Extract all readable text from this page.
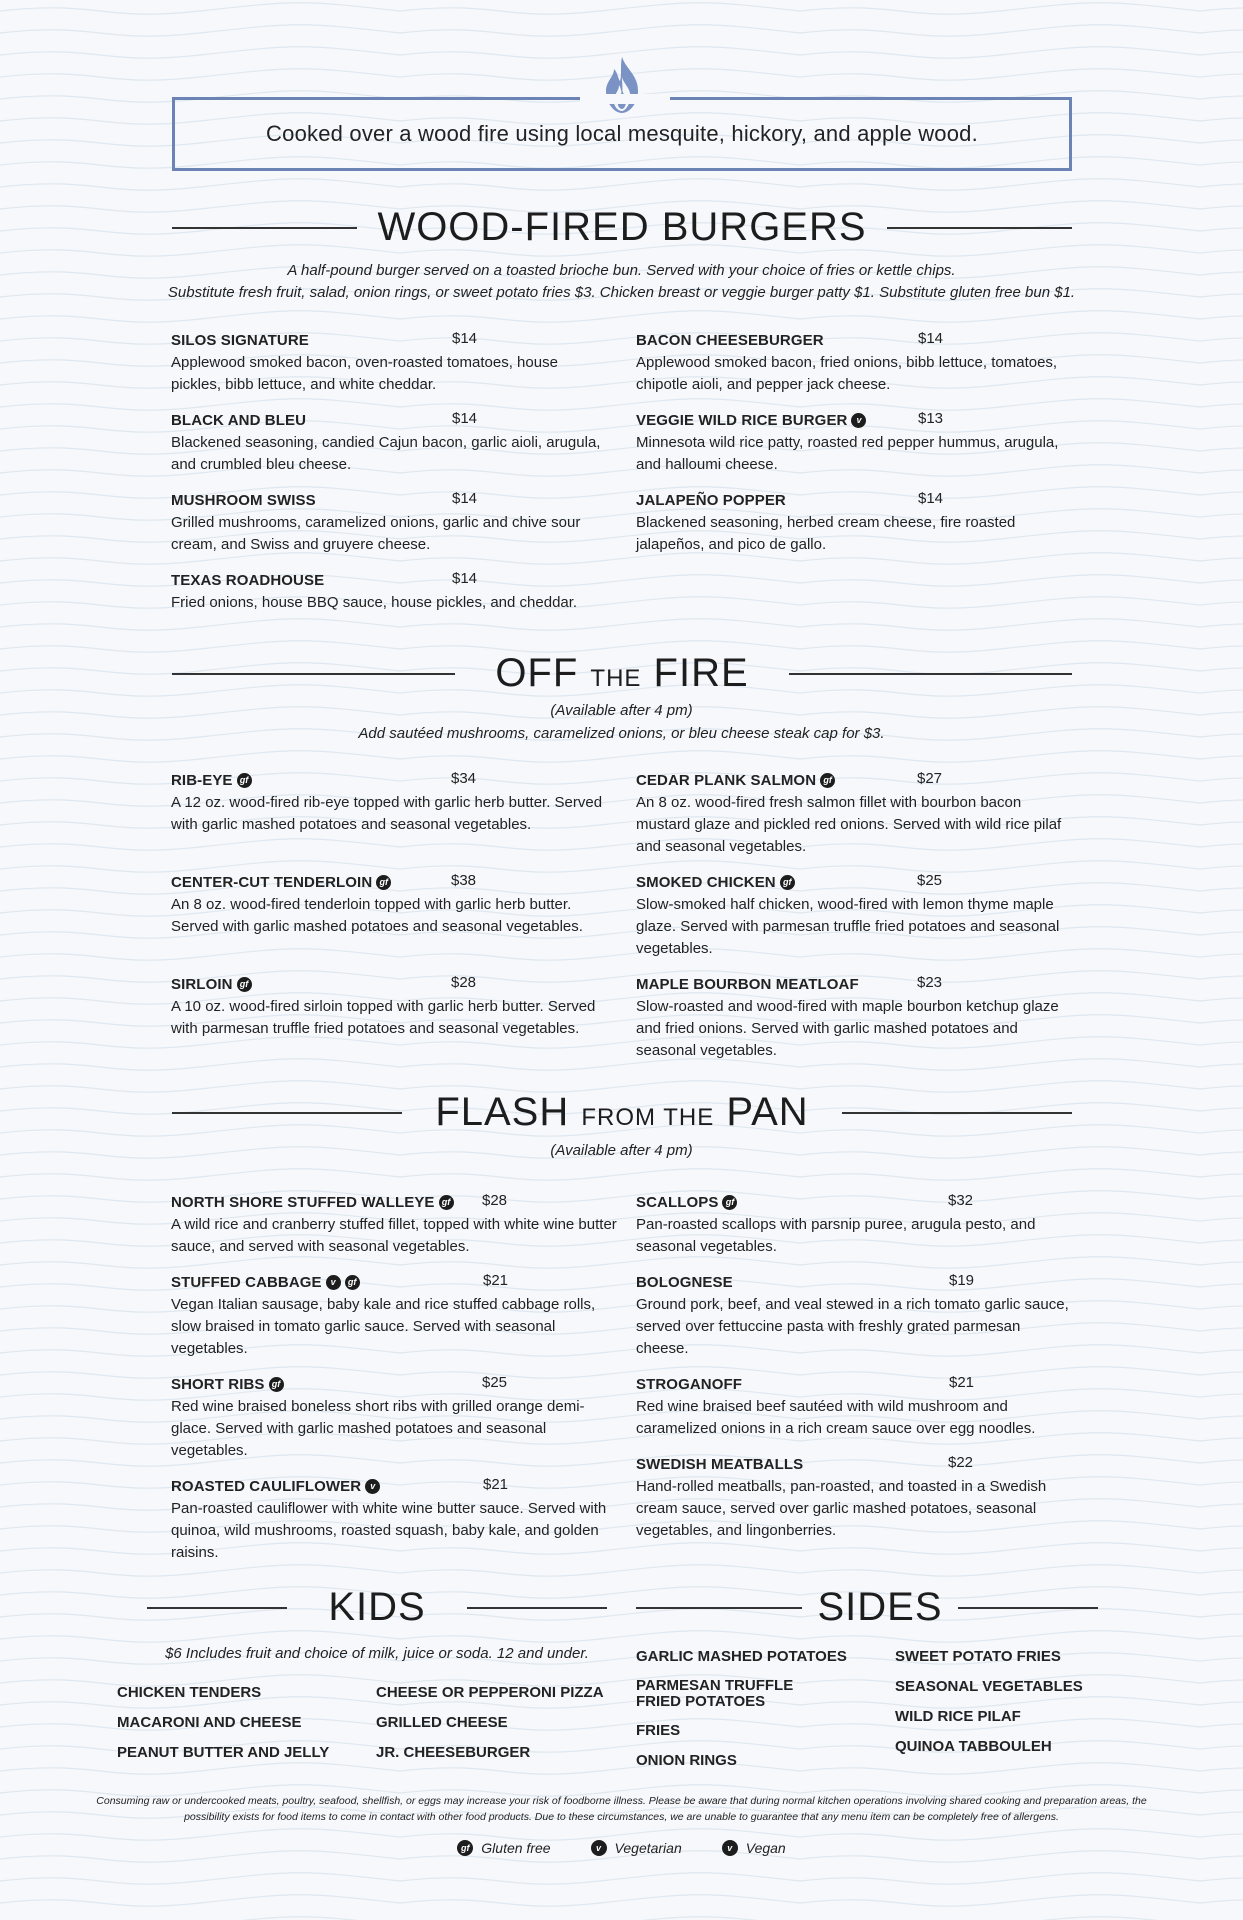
Cooked over a wood fire using local mesquite, hickory, and apple wood.
WOOD-FIRED BURGERS
A half-pound burger served on a toasted brioche bun. Served with your choice of fries or kettle chips.
Substitute fresh fruit, salad, onion rings, or sweet potato fries $3. Chicken breast or veggie burger patty $1. Substitute gluten free bun $1.
SILOS SIGNATURE	$14
Applewood smoked bacon, oven-roasted tomatoes, house pickles, bibb lettuce, and white cheddar.
BACON CHEESEBURGER	$14
Applewood smoked bacon, fried onions, bibb lettuce, tomatoes, chipotle aioli, and pepper jack cheese.
BLACK AND BLEU	$14
Blackened seasoning, candied Cajun bacon, garlic aioli, arugula, and crumbled bleu cheese.
VEGGIE WILD RICE BURGER v	$13
Minnesota wild rice patty, roasted red pepper hummus, arugula, and halloumi cheese.
MUSHROOM SWISS	$14
Grilled mushrooms, caramelized onions, garlic and chive sour cream, and Swiss and gruyere cheese.
JALAPEÑO POPPER	$14
Blackened seasoning, herbed cream cheese, fire roasted jalapeños, and pico de gallo.
TEXAS ROADHOUSE	$14
Fried onions, house BBQ sauce, house pickles, and cheddar.
OFF THE FIRE
(Available after 4 pm)
Add sautéed mushrooms, caramelized onions, or bleu cheese steak cap for $3.
RIB-EYE gf	$34
A 12 oz. wood-fired rib-eye topped with garlic herb butter. Served with garlic mashed potatoes and seasonal vegetables.
CEDAR PLANK SALMON gf	$27
An 8 oz. wood-fired fresh salmon fillet with bourbon bacon mustard glaze and pickled red onions. Served with wild rice pilaf and seasonal vegetables.
CENTER-CUT TENDERLOIN gf	$38
An 8 oz. wood-fired tenderloin topped with garlic herb butter. Served with garlic mashed potatoes and seasonal vegetables.
SMOKED CHICKEN gf	$25
Slow-smoked half chicken, wood-fired with lemon thyme maple glaze. Served with parmesan truffle fried potatoes and seasonal vegetables.
SIRLOIN gf	$28
A 10 oz. wood-fired sirloin topped with garlic herb butter. Served with parmesan truffle fried potatoes and seasonal vegetables.
MAPLE BOURBON MEATLOAF	$23
Slow-roasted and wood-fired with maple bourbon ketchup glaze and fried onions. Served with garlic mashed potatoes and seasonal vegetables.
FLASH FROM THE PAN
(Available after 4 pm)
NORTH SHORE STUFFED WALLEYE gf $28
A wild rice and cranberry stuffed fillet, topped with white wine butter sauce, and served with seasonal vegetables.
SCALLOPS gf	$32
Pan-roasted scallops with parsnip puree, arugula pesto, and seasonal vegetables.
STUFFED CABBAGE v	gf	$21
Vegan Italian sausage, baby kale and rice stuffed cabbage rolls, slow braised in tomato garlic sauce. Served with seasonal vegetables.
BOLOGNESE	$19
Ground pork, beef, and veal stewed in a rich tomato garlic sauce, served over fettuccine pasta with freshly grated parmesan cheese.
SHORT RIBS gf	$25
Red wine braised boneless short ribs with grilled orange demi-glace. Served with garlic mashed potatoes and seasonal vegetables.
STROGANOFF	$21
Red wine braised beef sautéed with wild mushroom and caramelized onions in a rich cream sauce over egg noodles.
ROASTED CAULIFLOWER v	$21
Pan-roasted cauliflower with white wine butter sauce. Served with quinoa, wild mushrooms, roasted squash, baby kale, and golden raisins.
SWEDISH MEATBALLS	$22
Hand-rolled meatballs, pan-roasted, and toasted in a Swedish cream sauce, served over garlic mashed potatoes, seasonal vegetables, and lingonberries.
KIDS
$6 Includes fruit and choice of milk, juice or soda. 12 and under.
CHICKEN TENDERS
MACARONI AND CHEESE
PEANUT BUTTER AND JELLY
CHEESE OR PEPPERONI PIZZA
GRILLED CHEESE
JR. CHEESEBURGER
SIDES
GARLIC MASHED POTATOES
PARMESAN TRUFFLE FRIED POTATOES
FRIES
ONION RINGS
SWEET POTATO FRIES
SEASONAL VEGETABLES
WILD RICE PILAF
QUINOA TABBOULEH
Consuming raw or undercooked meats, poultry, seafood, shellfish, or eggs may increase your risk of foodborne illness. Please be aware that during normal kitchen operations involving shared cooking and preparation areas, the possibility exists for food items to come in contact with other food products. Due to these circumstances, we are unable to guarantee that any menu item can be completely free of allergens.
gf Gluten free	v Vegetarian	v Vegan
